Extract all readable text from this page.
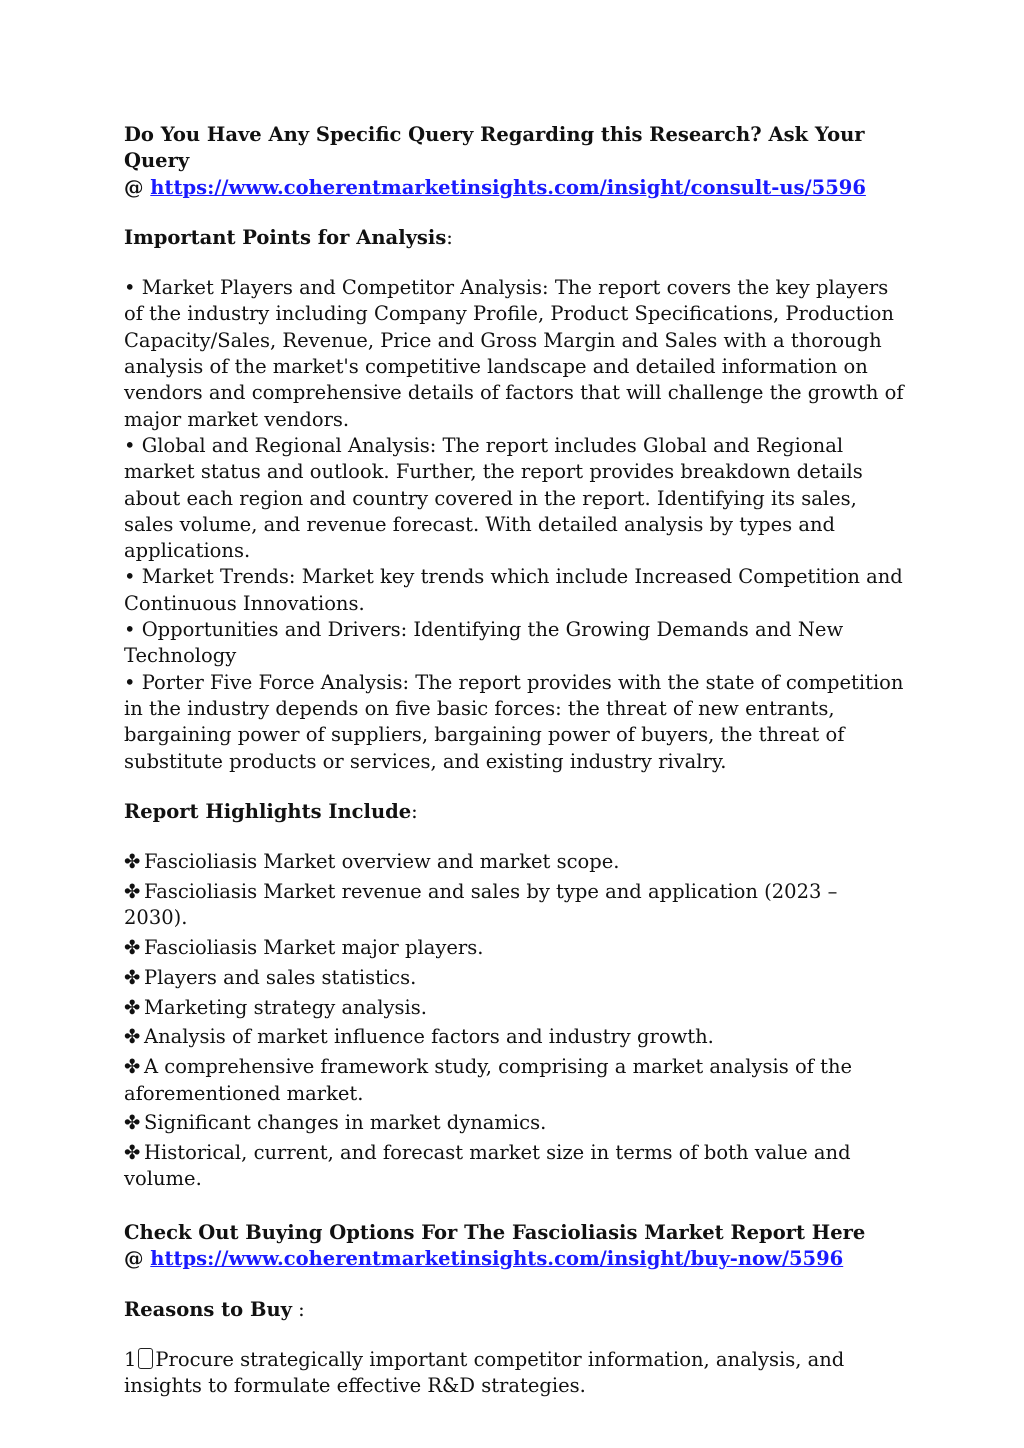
Do You Have Any Specific Query Regarding this Research? Ask Your Query
@ https://www.coherentmarketinsights.com/insight/consult-us/5596

Important Points for Analysis:

• Market Players and Competitor Analysis: The report covers the key players of the industry including Company Profile, Product Specifications, Production Capacity/Sales, Revenue, Price and Gross Margin and Sales with a thorough analysis of the market's competitive landscape and detailed information on vendors and comprehensive details of factors that will challenge the growth of major market vendors.

• Global and Regional Analysis: The report includes Global and Regional market status and outlook. Further, the report provides breakdown details about each region and country covered in the report. Identifying its sales, sales volume, and revenue forecast. With detailed analysis by types and applications.

• Market Trends: Market key trends which include Increased Competition and Continuous Innovations.

• Opportunities and Drivers: Identifying the Growing Demands and New Technology

• Porter Five Force Analysis: The report provides with the state of competition in the industry depends on five basic forces: the threat of new entrants, bargaining power of suppliers, bargaining power of buyers, the threat of substitute products or services, and existing industry rivalry.

Report Highlights Include:

✤ Fascioliasis Market overview and market scope.

✤ Fascioliasis Market revenue and sales by type and application (2023 – 2030).

✤ Fascioliasis Market major players.

✤ Players and sales statistics.

✤ Marketing strategy analysis.

✤ Analysis of market influence factors and industry growth.

✤ A comprehensive framework study, comprising a market analysis of the aforementioned market.

✤ Significant changes in market dynamics.

✤ Historical, current, and forecast market size in terms of both value and volume.

Check Out Buying Options For The Fascioliasis Market Report Here
@ https://www.coherentmarketinsights.com/insight/buy-now/5596

Reasons to Buy :

1 Procure strategically important competitor information, analysis, and insights to formulate effective R&D strategies.
